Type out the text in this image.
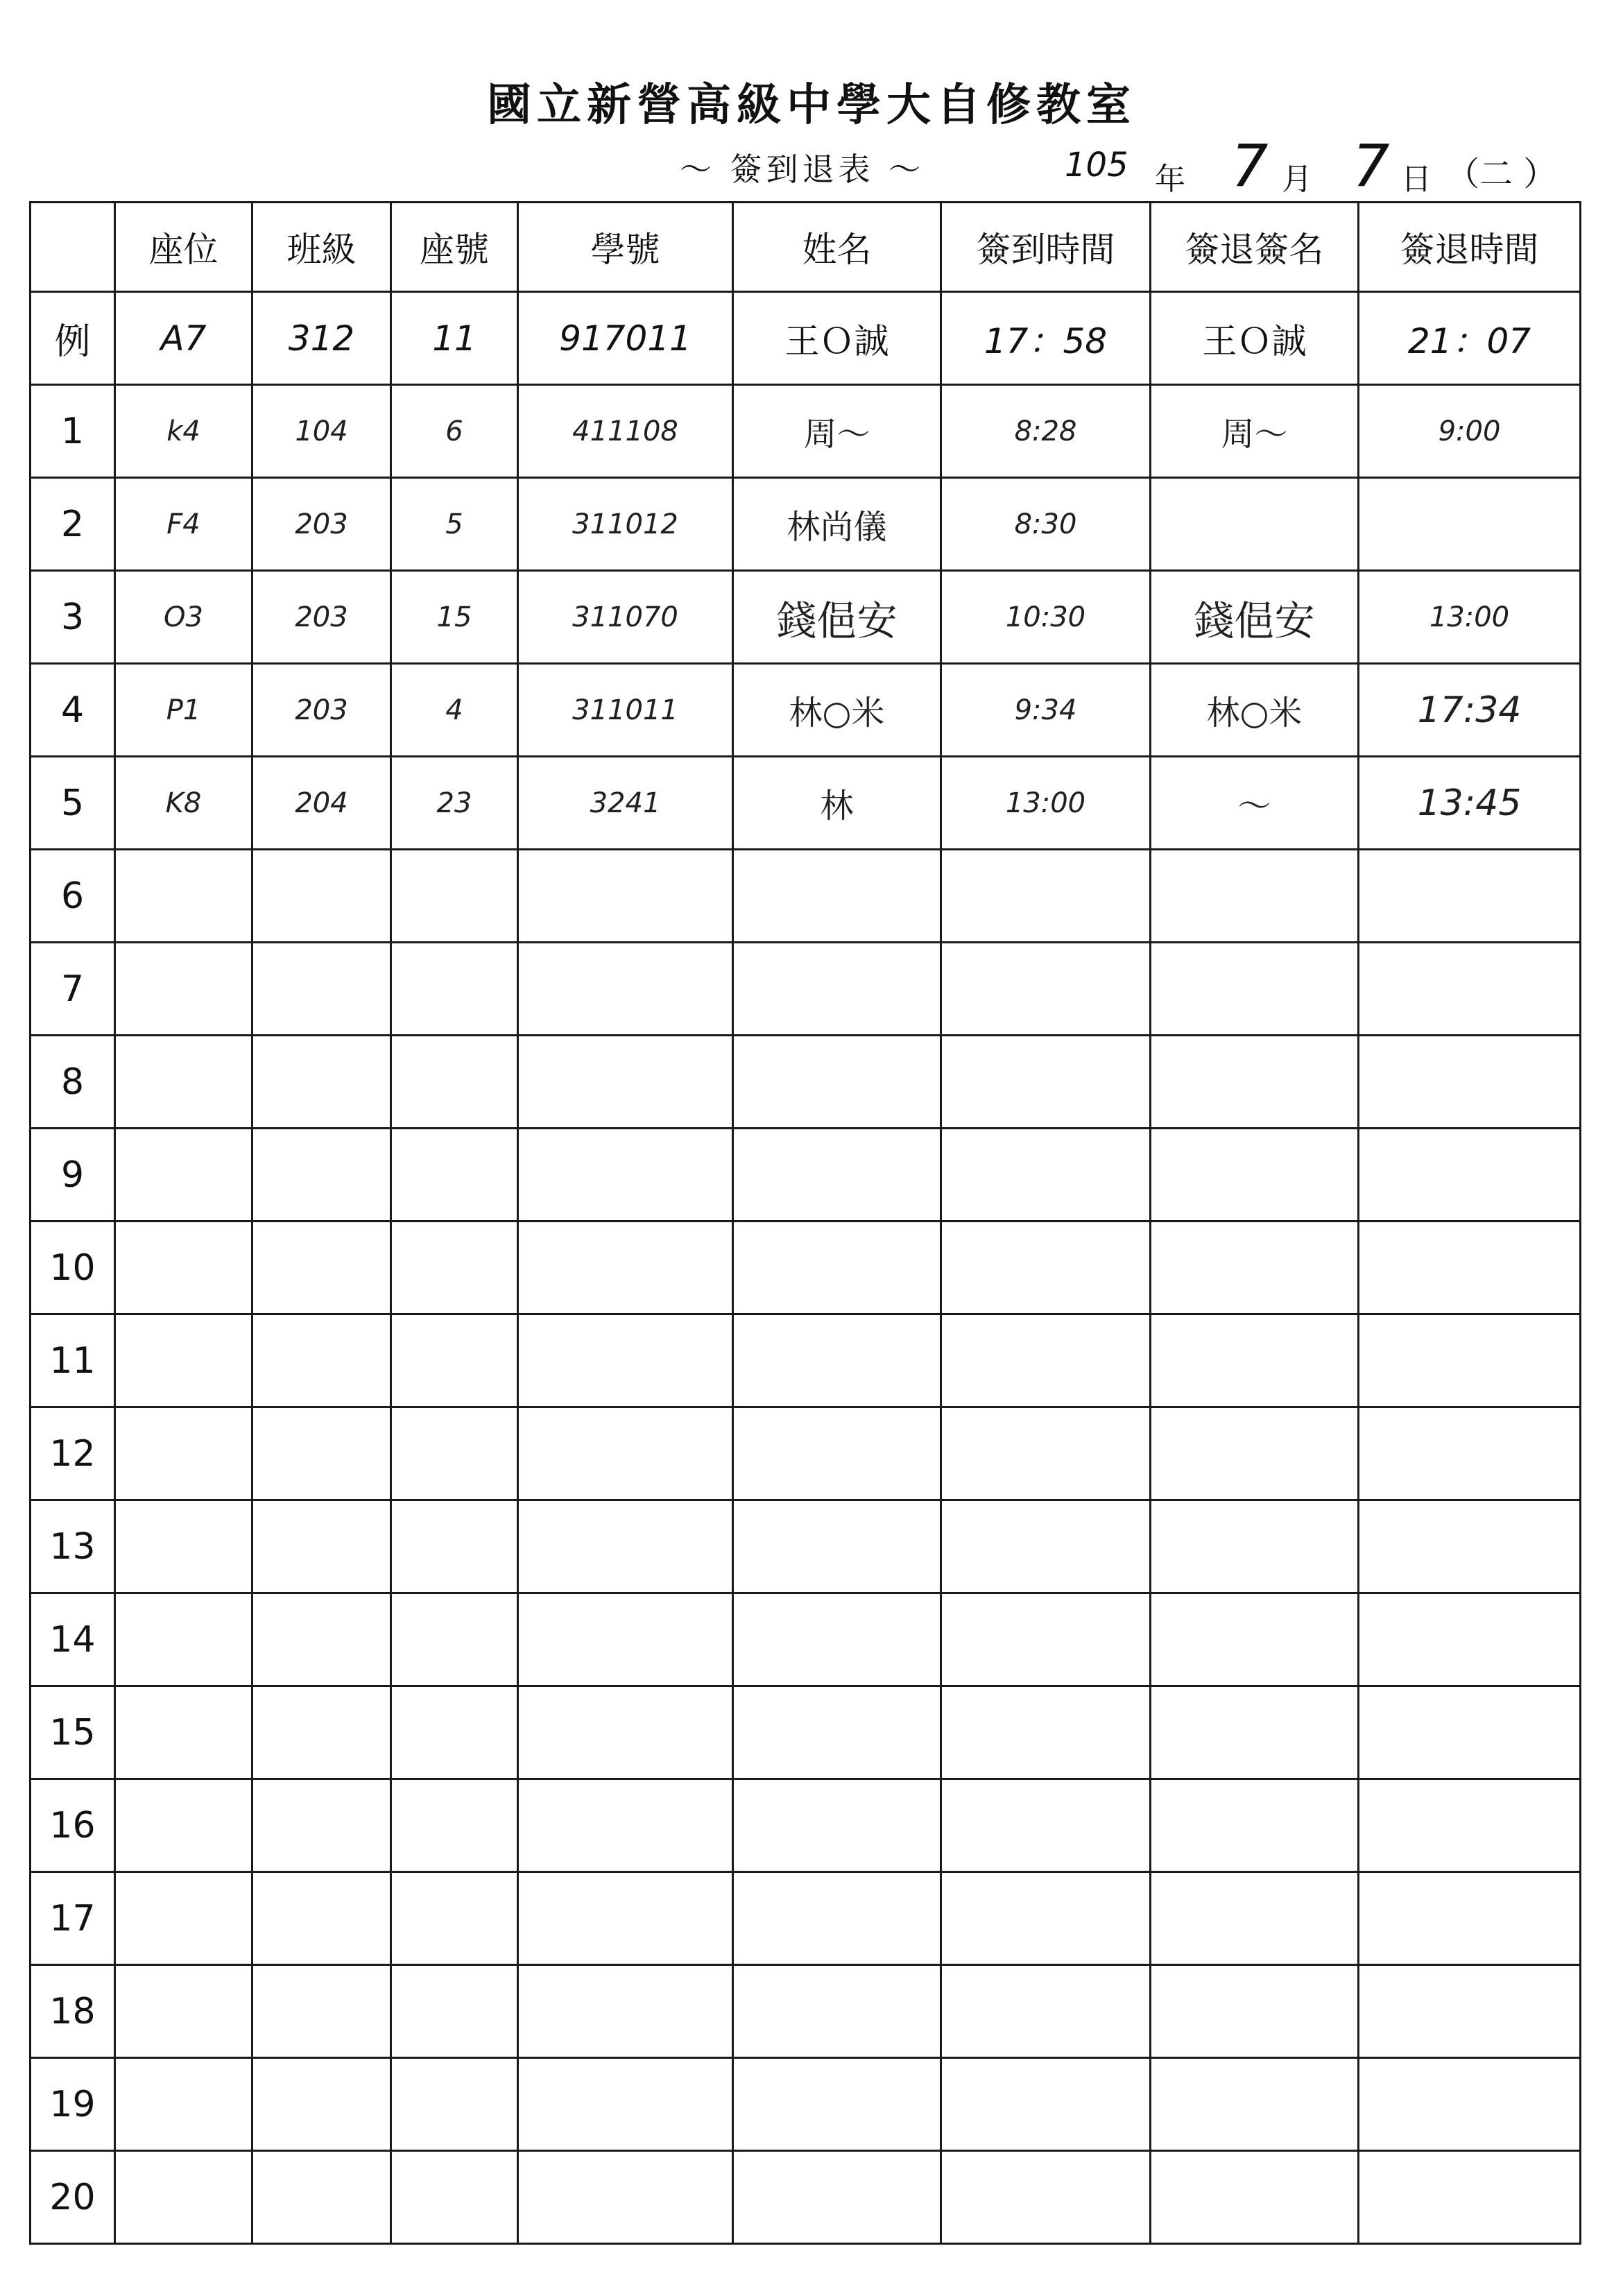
國立新營高級中學大自修教室
～ 簽到退表 ～	105 年 7 月 7 日 （二 ）
	座位	班級	座號	學號	姓名	簽到時間	簽退簽名	簽退時間
例	A7	312	11	917011	王Ｏ誠	17：58	王Ｏ誠	21：07
1	k4	104	6	411108	周～	8:28	周～	9:00
2	F4	203	5	311012	林尚儀	8:30		
3	O3	203	15	311070	錢俋安	10:30	錢俋安	13:00
4	P1	203	4	311011	林○米	9:34	林○米	17:34
5	K8	204	23	3241	林	13:00	～	13:45
6								
7								
8								
9								
10								
11								
12								
13								
14								
15								
16								
17								
18								
19								
20								
